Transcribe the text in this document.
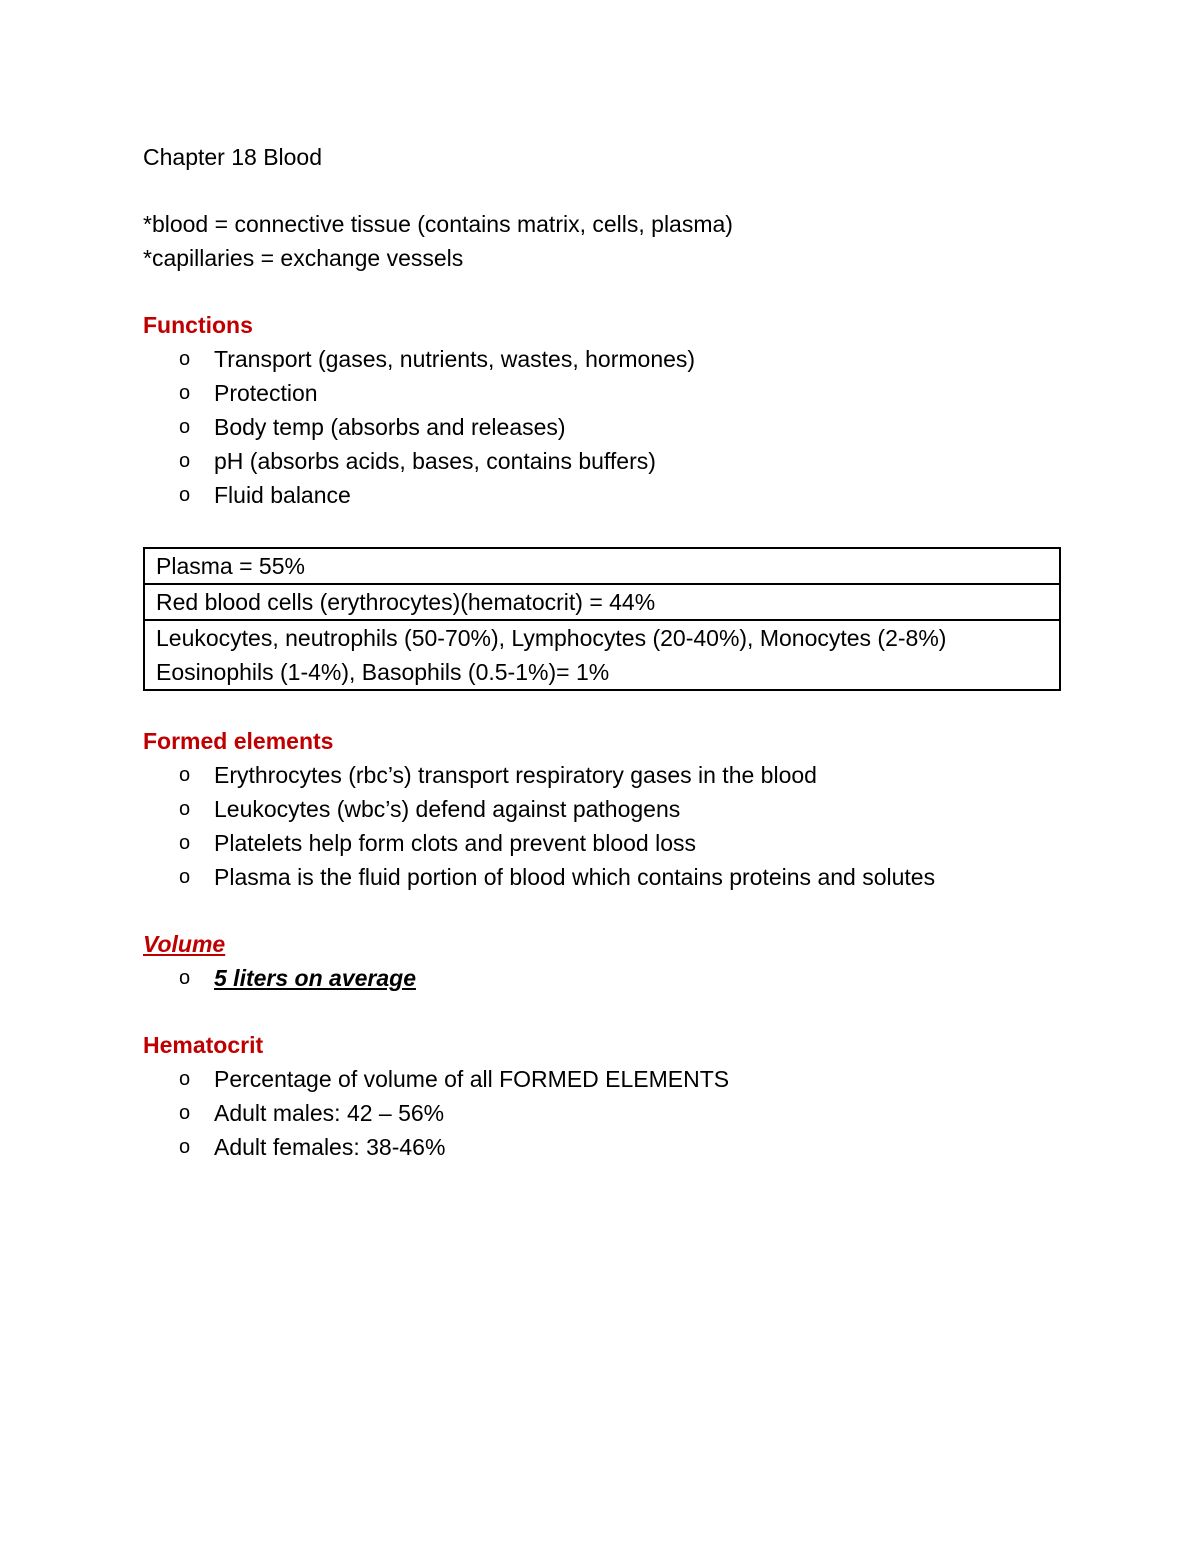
Chapter 18 Blood

*blood = connective tissue (contains matrix, cells, plasma)

*capillaries = exchange vessels

Functions

o Transport (gases, nutrients, wastes, hormones)
o Protection
o Body temp (absorbs and releases)
o pH (absorbs acids, bases, contains buffers)
o Fluid balance
Plasma = 55%
Red blood cells (erythrocytes)(hematocrit) = 44%

Leukocytes, neutrophils (50-70%), Lymphocytes (20-40%), Monocytes (2-8%)
Eosinophils (1-4%), Basophils (0.5-1%)= 1%

Formed elements

o Erythrocytes (rbc’s) transport respiratory gases in the blood
o Leukocytes (wbc’s) defend against pathogens
o Platelets help form clots and prevent blood loss
o Plasma is the fluid portion of blood which contains proteins and solutes

Volume

o 5 liters on average

Hematocrit

o Percentage of volume of all FORMED ELEMENTS
o Adult males: 42 – 56%
o Adult females: 38-46%
